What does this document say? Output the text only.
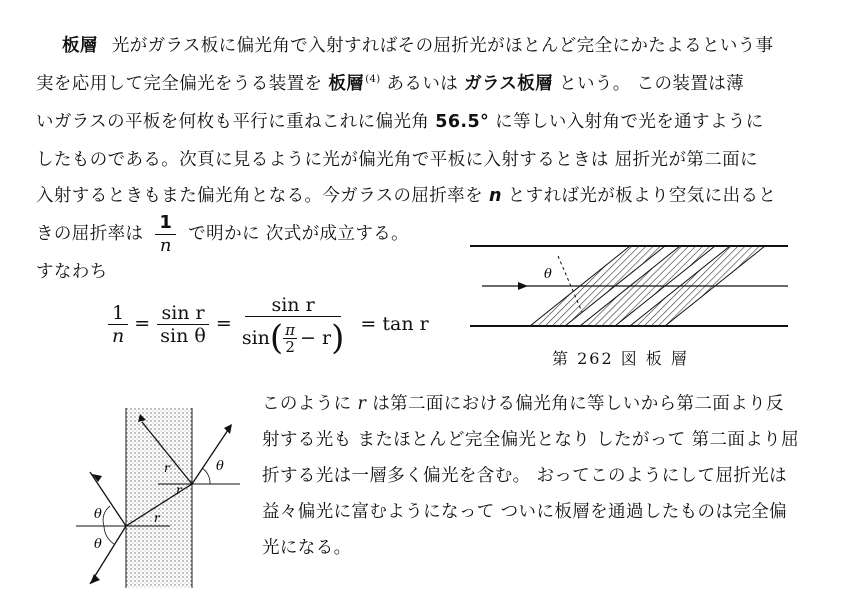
板層 光がガラス板に偏光角で入射すればその屈折光がほとんど完全にかたよるという事
実を応用して完全偏光をうる装置を 板層$^{(4)}$ あるいは ガラス板層 という。 この装置は薄
いガラスの平板を何枚も平行に重ねこれに偏光角 56.5° に等しい入射角で光を通すように
したものである。次頁に見るように光が偏光角で平板に入射するときは 屈折光が第二面に
入射するときもまた偏光角となる。今ガラスの屈折率を n とすれば光が板より空気に出ると
きの屈折率は $\frac{1}{n}$ で明かに 次式が成立する。
すなわち
$\frac{1}{n} = \frac{\text{sin r}}{\text{sin θ}}$ =
sin r
sin ( $\frac{\pi}{2} - r$ ) = tan r
θ
第 262 図 板 層
θ
θ
θ
r
r
r
このように r は第二面における偏光角に等しいから第二面より反
射する光も またほとんど完全偏光となり したがって 第二面より屈
折する光は一層多く偏光を含む。 おってこのようにして屈折光は
益々偏光に富むようになって ついに板層を通過したものは完全偏
光になる。
